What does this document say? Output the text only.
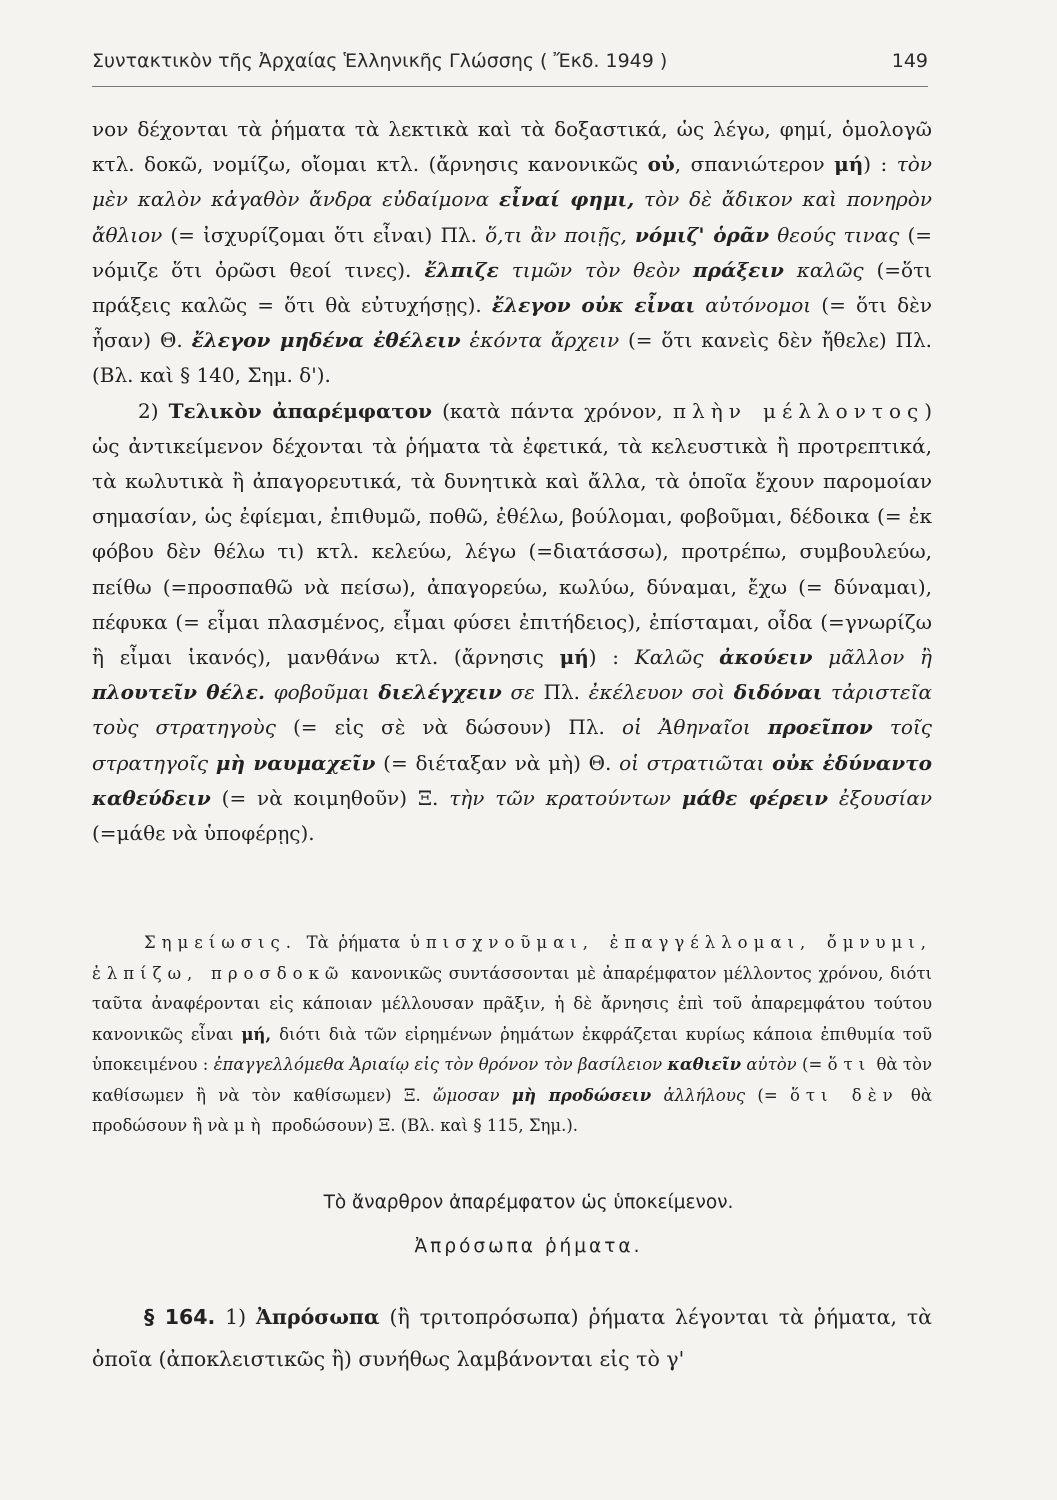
Συντακτικὸν τῆς Ἀρχαίας Ἑλληνικῆς Γλώσσης ( Ἔκδ. 1949 )	149

νον δέχονται τὰ ῥήματα τὰ λεκτικὰ καὶ τὰ δοξαστικά, ὡς λέγω, φημί, ὁμολογῶ κτλ. δοκῶ, νομίζω, οἴομαι κτλ. (ἄρνησις κανονικῶς οὐ, σπανιώτερον μή) : τὸν μὲν καλὸν κἀγαθὸν ἄνδρα εὐδαίμονα εἶναί φημι, τὸν δὲ ἄδικον καὶ πονηρὸν ἄθλιον (= ἰσχυρίζομαι ὅτι εἶναι) Πλ. ὅ,τι ἂν ποιῇς, νόμιζ' ὁρᾶν θεούς τινας (= νόμιζε ὅτι ὁρῶσι θεοί τινες). ἔλπιζε τιμῶν τὸν θεὸν πράξειν καλῶς (=ὅτι πράξεις καλῶς = ὅτι θὰ εὐτυχήσῃς). ἔλεγον οὐκ εἶναι αὐτόνομοι (= ὅτι δὲν ἦσαν) Θ. ἔλεγον μηδένα ἐθέλειν ἑκόντα ἄρχειν (= ὅτι κανεὶς δὲν ἤθελε) Πλ. (Βλ. καὶ § 140, Σημ. δ').

2) Τελικὸν ἀπαρέμφατον (κατὰ πάντα χρόνον, πλὴν μέλλοντος) ὡς ἀντικείμενον δέχονται τὰ ῥήματα τὰ ἐφετικά, τὰ κελευστικὰ ἢ προτρεπτικά, τὰ κωλυτικὰ ἢ ἀπαγορευτικά, τὰ δυνητικὰ καὶ ἄλλα, τὰ ὁποῖα ἔχουν παρομοίαν σημασίαν, ὡς ἐφίεμαι, ἐπιθυμῶ, ποθῶ, ἐθέλω, βούλομαι, φοβοῦμαι, δέδοικα (= ἐκ φόβου δὲν θέλω τι) κτλ. κελεύω, λέγω (=διατάσσω), προτρέπω, συμβουλεύω, πείθω (=προσπαθῶ νὰ πείσω), ἀπαγορεύω, κωλύω, δύναμαι, ἔχω (= δύναμαι), πέφυκα (= εἶμαι πλασμένος, εἶμαι φύσει ἐπιτήδειος), ἐπίσταμαι, οἶδα (=γνωρίζω ἢ εἶμαι ἱκανός), μανθάνω κτλ. (ἄρνησις μή) : Καλῶς ἀκούειν μᾶλλον ἢ πλουτεῖν θέλε. φοβοῦμαι διελέγχειν σε Πλ. ἐκέλευον σοὶ διδόναι τἀριστεῖα τοὺς στρατηγοὺς (= εἰς σὲ νὰ δώσουν) Πλ. οἱ Ἀθηναῖοι προεῖπον τοῖς στρατηγοῖς μὴ ναυμαχεῖν (= διέταξαν νὰ μὴ) Θ. οἱ στρατιῶται οὐκ ἐδύναντο καθεύδειν (= νὰ κοιμηθοῦν) Ξ. τὴν τῶν κρατούντων μάθε φέρειν ἐξουσίαν (=μάθε νὰ ὑποφέρῃς).

Σημείωσις. Τὰ ῥήματα ὑπισχνοῦμαι, ἐπαγγέλλομαι, ὄμνυμι, ἐλπίζω, προσδοκῶ κανονικῶς συντάσσονται μὲ ἀπαρέμφατον μέλλοντος χρόνου, διότι ταῦτα ἀναφέρονται εἰς κάποιαν μέλλουσαν πρᾶξιν, ἡ δὲ ἄρνησις ἐπὶ τοῦ ἀπαρεμφάτου τούτου κανονικῶς εἶναι μή, διότι διὰ τῶν εἰρημένων ῥημάτων ἐκφράζεται κυρίως κάποια ἐπιθυμία τοῦ ὑποκειμένου : ἐπαγγελλόμεθα Ἀριαίῳ εἰς τὸν θρόνον τὸν βασίλειον καθιεῖν αὐτὸν (= ὅτι θὰ τὸν καθίσωμεν ἢ νὰ τὸν καθίσωμεν) Ξ. ὤμοσαν μὴ προδώσειν ἀλλήλους (= ὅτι δὲν θὰ προδώσουν ἢ νὰ μὴ προδώσουν) Ξ. (Βλ. καὶ § 115, Σημ.).

Τὸ ἄναρθρον ἀπαρέμφατον ὡς ὑποκείμενον.
Ἀπρόσωπα ῥήματα.

§ 164. 1) Ἀπρόσωπα (ἢ τριτοπρόσωπα) ῥήματα λέγονται τὰ ῥήματα, τὰ ὁποῖα (ἀποκλειστικῶς ἢ) συνήθως λαμβάνονται εἰς τὸ γ'
